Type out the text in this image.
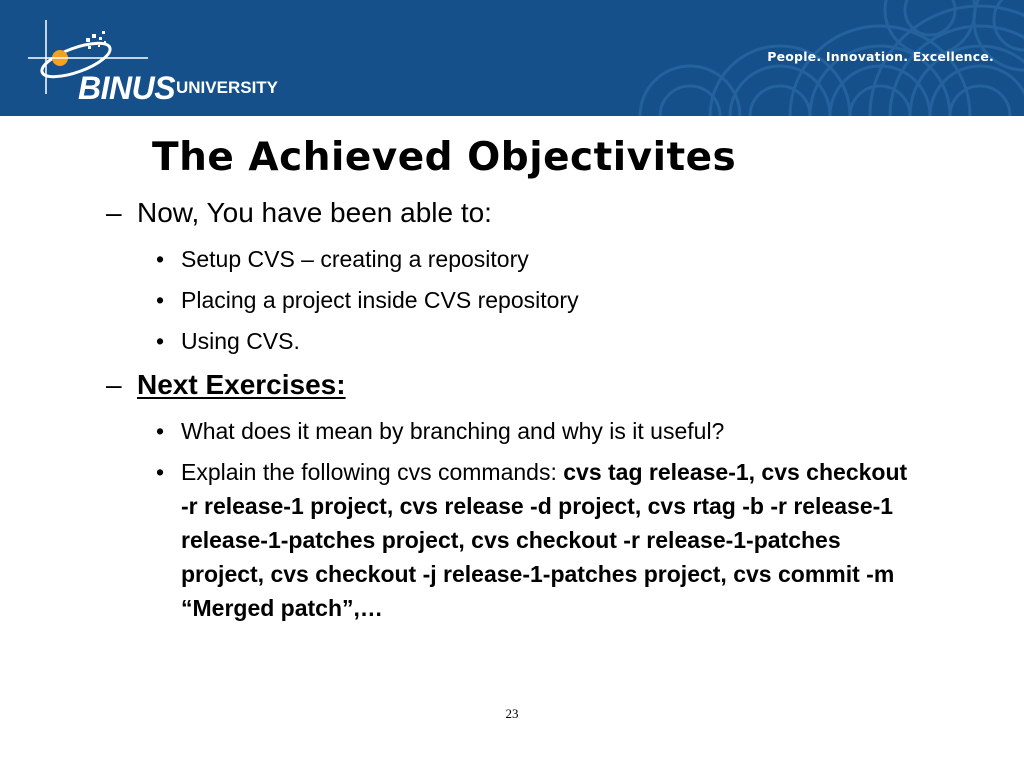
BINUS UNIVERSITY
People. Innovation. Excellence.
The Achieved Objectivites
– Now, You have been able to:
• Setup CVS – creating a repository
• Placing a project inside CVS repository
• Using CVS.
– Next Exercises:
• What does it mean by branching and why is it useful?
• Explain the following cvs commands: cvs tag release-1, cvs checkout -r release-1 project, cvs release -d project, cvs rtag -b -r release-1 release-1-patches project, cvs checkout -r release-1-patches project, cvs checkout -j release-1-patches project, cvs commit -m “Merged patch”,…
23
